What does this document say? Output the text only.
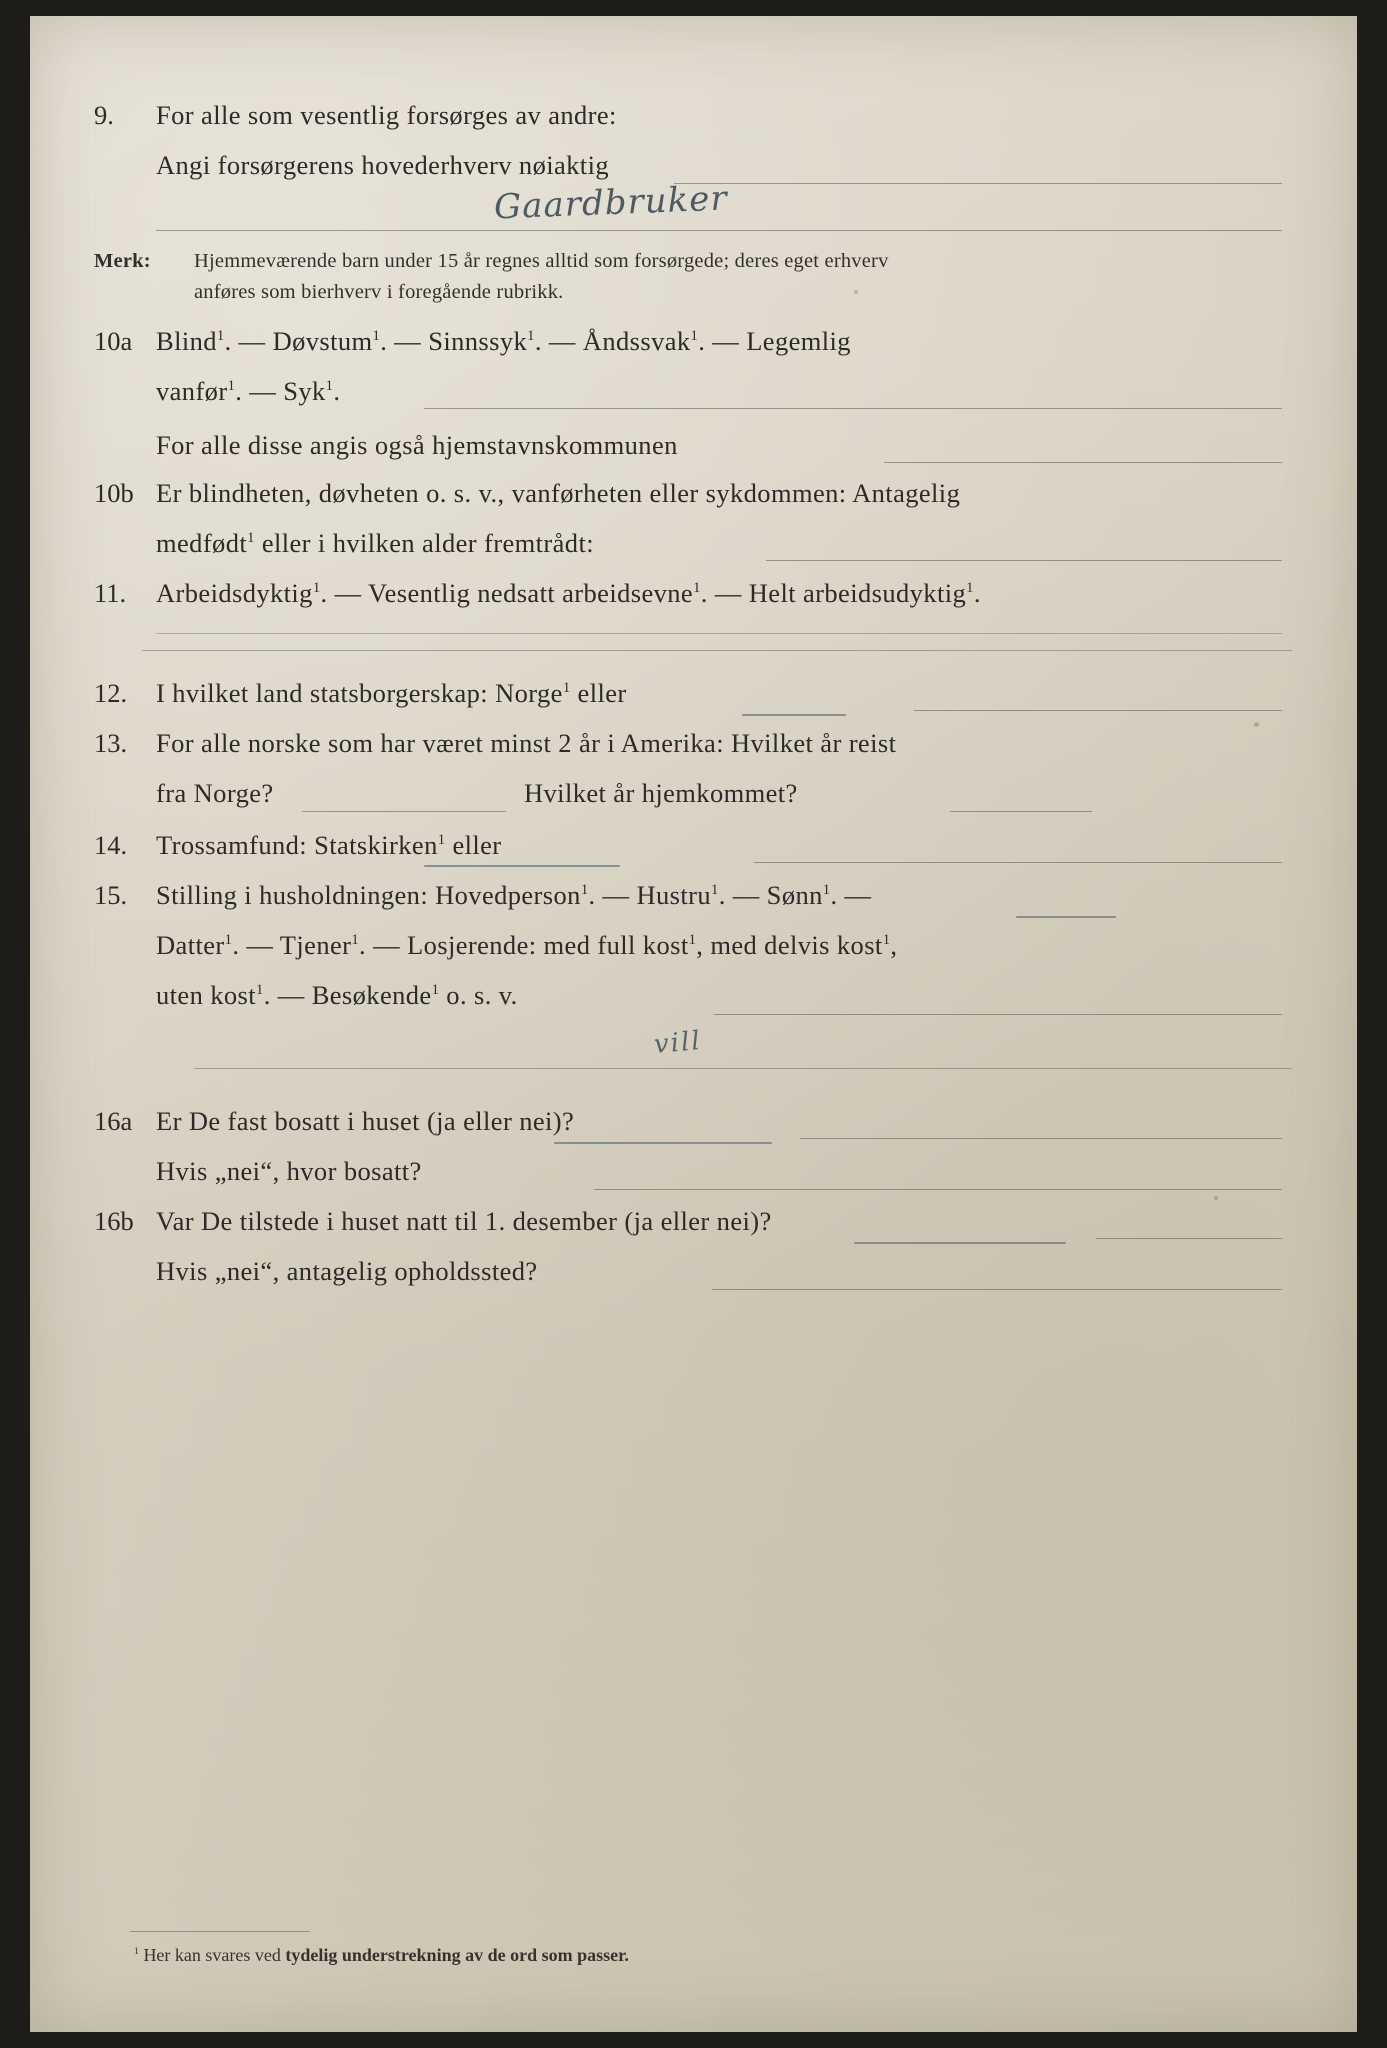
9. For alle som vesentlig forsørges av andre:
Angi forsørgerens hovederhverv nøiaktig
Gaardbruker
Merk: Hjemmeværende barn under 15 år regnes alltid som forsørgede; deres eget erhverv
anføres som bierhverv i foregående rubrikk.
10a Blind$^1$. — Døvstum$^1$. — Sinnssyk$^1$. — Åndssvak$^1$. — Legemlig
vanfør$^1$. — Syk$^1$.
For alle disse angis også hjemstavnskommunen
10b Er blindheten, døvheten o. s. v., vanførheten eller sykdommen: Antagelig
medfødt$^1$ eller i hvilken alder fremtrådt:
11. Arbeidsdyktig$^1$. — Vesentlig nedsatt arbeidsevne$^1$. — Helt arbeidsudyktig$^1$.
12. I hvilket land statsborgerskap: Norge$^1$ eller
13. For alle norske som har været minst 2 år i Amerika: Hvilket år reist
fra Norge?	Hvilket år hjemkommet?
14. Trossamfund: Statskirken$^1$ eller
15. Stilling i husholdningen: Hovedperson$^1$. — Hustru$^1$. — Sønn$^1$. —
Datter$^1$. — Tjener$^1$. — Losjerende: med full kost$^1$, med delvis kost$^1$,
uten kost$^1$. — Besøkende$^1$ o. s. v.
vill
16a Er De fast bosatt i huset (ja eller nei)?
Hvis „nei“, hvor bosatt?
16b Var De tilstede i huset natt til 1. desember (ja eller nei)?
Hvis „nei“, antagelig opholdssted?
$^1$ Her kan svares ved tydelig understrekning av de ord som passer.
